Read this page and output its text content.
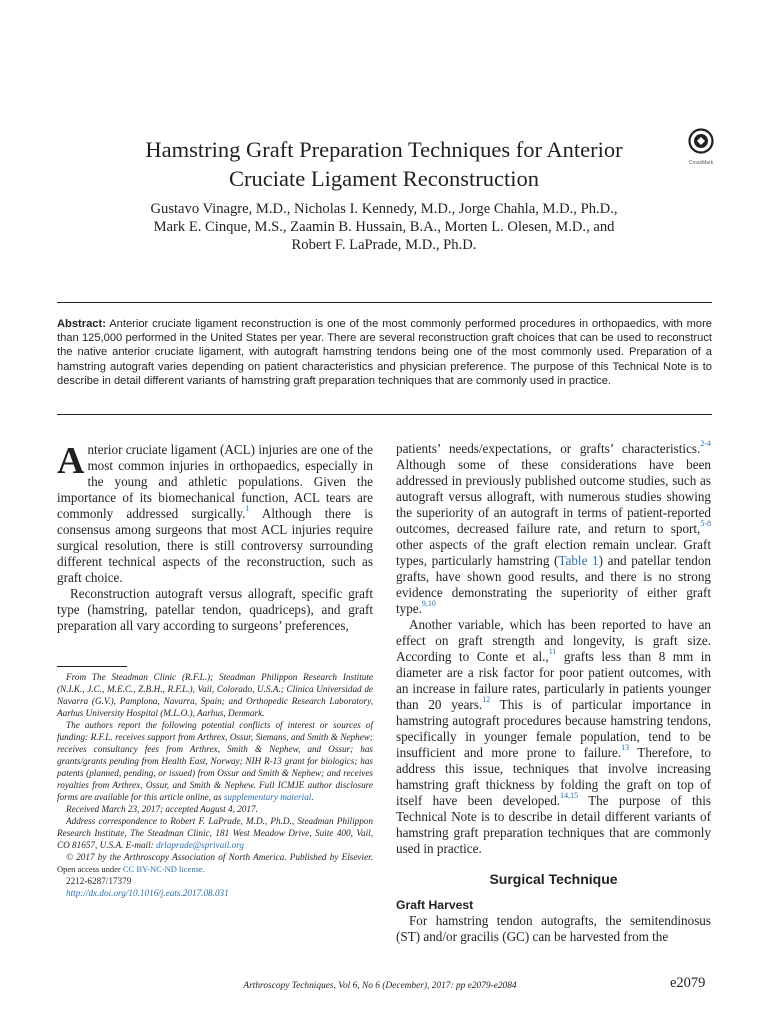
Hamstring Graft Preparation Techniques for Anterior
Cruciate Ligament Reconstruction
CrossMark
Gustavo Vinagre, M.D., Nicholas I. Kennedy, M.D., Jorge Chahla, M.D., Ph.D.,
Mark E. Cinque, M.S., Zaamin B. Hussain, B.A., Morten L. Olesen, M.D., and
Robert F. LaPrade, M.D., Ph.D.
Abstract: Anterior cruciate ligament reconstruction is one of the most commonly performed procedures in orthopaedics, with more than 125,000 performed in the United States per year. There are several reconstruction graft choices that can be used to reconstruct the native anterior cruciate ligament, with autograft hamstring tendons being one of the most commonly used. Preparation of a hamstring autograft varies depending on patient characteristics and physician preference. The purpose of this Technical Note is to describe in detail different variants of hamstring graft preparation techniques that are commonly used in practice.

Anterior cruciate ligament (ACL) injuries are one of the most common injuries in orthopaedics, especially in the young and athletic populations. Given the importance of its biomechanical function, ACL tears are commonly addressed surgically.$^1$ Although there is consensus among surgeons that most ACL injuries require surgical resolution, there is still controversy surrounding different technical aspects of the reconstruction, such as graft choice.

Reconstruction autograft versus allograft, specific graft type (hamstring, patellar tendon, quadriceps), and graft preparation all vary according to surgeons’ preferences,

From The Steadman Clinic (R.F.L.); Steadman Philippon Research Institute (N.I.K., J.C., M.E.C., Z.B.H., R.F.L.), Vail, Colorado, U.S.A.; Clínica Universidad de Navarra (G.V.), Pamplona, Navarra, Spain; and Orthopedic Research Laboratory, Aarhus University Hospital (M.L.O.), Aarhus, Denmark.

The authors report the following potential conflicts of interest or sources of funding: R.F.L. receives support from Arthrex, Ossur, Siemans, and Smith & Nephew; receives consultancy fees from Arthrex, Smith & Nephew, and Ossur; has grants/grants pending from Health East, Norway; NIH R-13 grant for biologics; has patents (planned, pending, or issued) from Ossur and Smith & Nephew; and receives royalties from Arthrex, Ossur, and Smith & Nephew. Full ICMJE author disclosure forms are available for this article online, as supplementary material.

Received March 23, 2017; accepted August 4, 2017.

Address correspondence to Robert F. LaPrade, M.D., Ph.D., Steadman Philippon Research Institute, The Steadman Clinic, 181 West Meadow Drive, Suite 400, Vail, CO 81657, U.S.A. E-mail: drlaprade@sprivail.org

© 2017 by the Arthroscopy Association of North America. Published by Elsevier. Open access under CC BY-NC-ND license.

2212-6287/17379

http://dx.doi.org/10.1016/j.eats.2017.08.031

patients’ needs/expectations, or grafts’ characteristics.$^{2-4}$ Although some of these considerations have been addressed in previously published outcome studies, such as autograft versus allograft, with numerous studies showing the superiority of an autograft in terms of patient-reported outcomes, decreased failure rate, and return to sport,$^{5-8}$ other aspects of the graft election remain unclear. Graft types, particularly hamstring (Table 1) and patellar tendon grafts, have shown good results, and there is no strong evidence demonstrating the superiority of either graft type.$^{9,10}$

Another variable, which has been reported to have an effect on graft strength and longevity, is graft size. According to Conte et al.,$^{11}$ grafts less than 8 mm in diameter are a risk factor for poor patient outcomes, with an increase in failure rates, particularly in patients younger than 20 years.$^{12}$ This is of particular importance in hamstring autograft procedures because hamstring tendons, specifically in younger female population, tend to be insufficient and more prone to failure.$^{13}$ Therefore, to address this issue, techniques that involve increasing hamstring graft thickness by folding the graft on top of itself have been developed.$^{14,15}$ The purpose of this Technical Note is to describe in detail different variants of hamstring graft preparation techniques that are commonly used in practice.

Surgical Technique
Graft Harvest

For hamstring tendon autografts, the semitendinosus (ST) and/or gracilis (GC) can be harvested from the

Arthroscopy Techniques, Vol 6, No 6 (December), 2017: pp e2079-e2084	e2079
